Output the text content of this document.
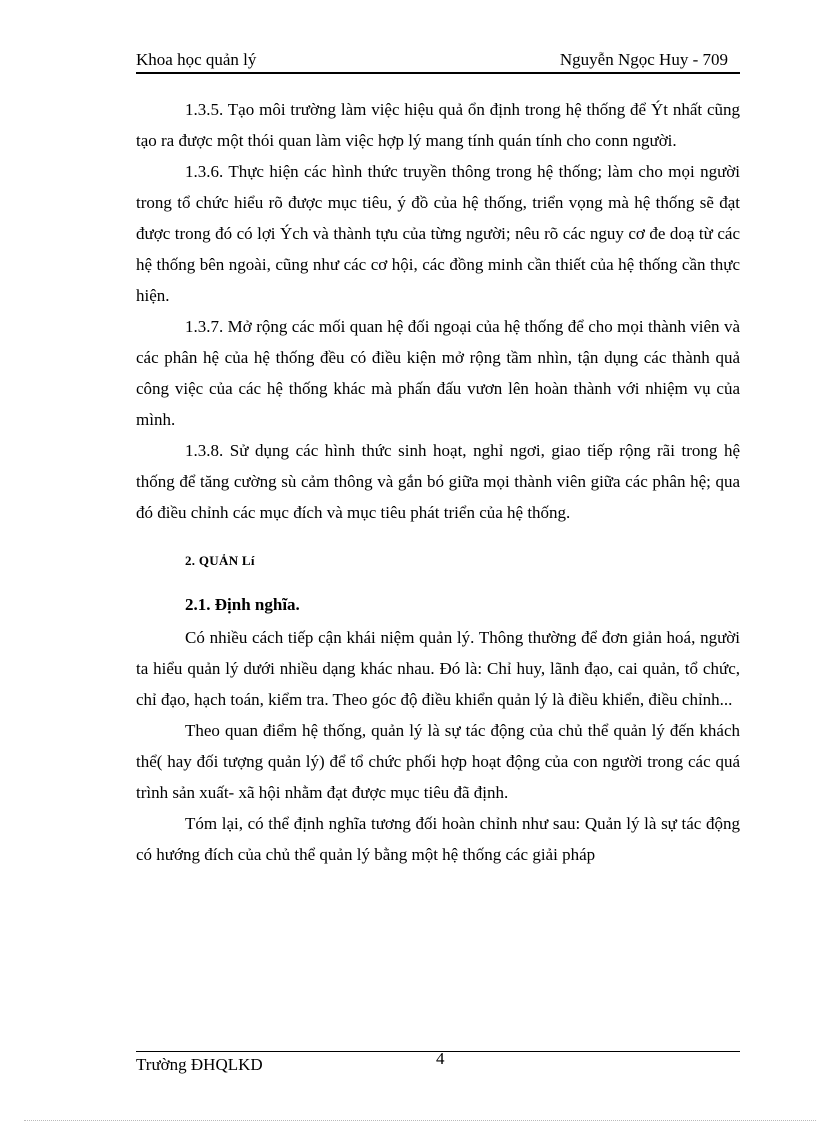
Khoa học quản lý	Nguyễn Ngọc Huy - 709

1.3.5. Tạo môi trường làm việc hiệu quả ổn định trong hệ thống để Ýt nhất cũng tạo ra được một thói quan làm việc hợp lý mang tính quán tính cho conn người.

1.3.6. Thực hiện các hình thức truyền thông trong hệ thống; làm cho mọi người trong tổ chức hiểu rõ được mục tiêu, ý đồ của hệ thống, triển vọng mà hệ thống sẽ đạt được trong đó có lợi Ých và thành tựu của từng người; nêu rõ các nguy cơ đe doạ từ các hệ thống bên ngoài, cũng như các cơ hội, các đồng minh cần thiết của hệ thống cần thực hiện.

1.3.7. Mở rộng các mối quan hệ đối ngoại của hệ thống để cho mọi thành viên và các phân hệ của hệ thống đều có điều kiện mở rộng tầm nhìn, tận dụng các thành quả công việc của các hệ thống khác mà phấn đấu vươn lên hoàn thành với nhiệm vụ của mình.

1.3.8. Sử dụng các hình thức sinh hoạt, nghỉ ngơi, giao tiếp rộng rãi trong hệ thống để tăng cường sù cảm thông và gắn bó giữa mọi thành viên giữa các phân hệ; qua đó điều chỉnh các mục đích và mục tiêu phát triển của hệ thống.

2. QUẢN Lí
2.1. Định nghĩa.

Có nhiều cách tiếp cận khái niệm quản lý. Thông thường để đơn giản hoá, người ta hiểu quản lý dưới nhiều dạng khác nhau. Đó là: Chỉ huy, lãnh đạo, cai quản, tổ chức, chỉ đạo, hạch toán, kiểm tra. Theo góc độ điều khiển quản lý là điều khiển, điều chỉnh...

Theo quan điểm hệ thống, quản lý là sự tác động của chủ thể quản lý đến khách thể( hay đối tượng quản lý) để tổ chức phối hợp hoạt động của con người trong các quá trình sản xuất- xã hội nhằm đạt được mục tiêu đã định.

Tóm lại, có thể định nghĩa tương đối hoàn chỉnh như sau: Quản lý là sự tác động có hướng đích của chủ thể quản lý bằng một hệ thống các giải pháp

Trường ĐHQLKD	4
